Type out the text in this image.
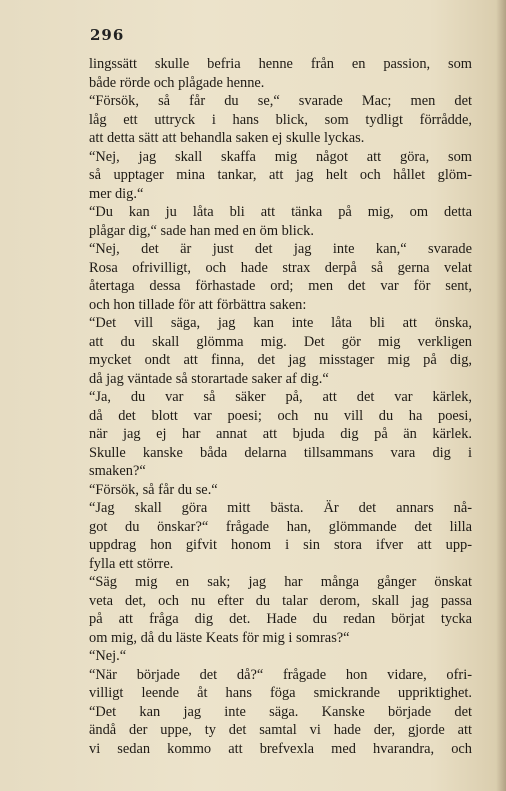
296
lingssätt skulle befria henne från en passion, som
både rörde och plågade henne.
“Försök, så får du se,“ svarade Mac; men det
låg ett uttryck i hans blick, som tydligt förrådde,
att detta sätt att behandla saken ej skulle lyckas.
“Nej, jag skall skaffa mig något att göra, som
så upptager mina tankar, att jag helt och hållet glöm-
mer dig.“
“Du kan ju låta bli att tänka på mig, om detta
plågar dig,“ sade han med en öm blick.
“Nej, det är just det jag inte kan,“ svarade
Rosa ofrivilligt, och hade strax derpå så gerna velat
återtaga dessa förhastade ord; men det var för sent,
och hon tillade för att förbättra saken:
“Det vill säga, jag kan inte låta bli att önska,
att du skall glömma mig. Det gör mig verkligen
mycket ondt att finna, det jag misstager mig på dig,
då jag väntade så storartade saker af dig.“
“Ja, du var så säker på, att det var kärlek,
då det blott var poesi; och nu vill du ha poesi,
när jag ej har annat att bjuda dig på än kärlek.
Skulle kanske båda delarna tillsammans vara dig i
smaken?“
“Försök, så får du se.“
“Jag skall göra mitt bästa. Är det annars nå-
got du önskar?“ frågade han, glömmande det lilla
uppdrag hon gifvit honom i sin stora ifver att upp-
fylla ett större.
“Säg mig en sak; jag har många gånger önskat
veta det, och nu efter du talar derom, skall jag passa
på att fråga dig det. Hade du redan börjat tycka
om mig, då du läste Keats för mig i somras?“
“Nej.“
“När började det då?“ frågade hon vidare, ofri-
villigt leende åt hans föga smickrande uppriktighet.
“Det kan jag inte säga. Kanske började det
ändå der uppe, ty det samtal vi hade der, gjorde att
vi sedan kommo att brefvexla med hvarandra, och
